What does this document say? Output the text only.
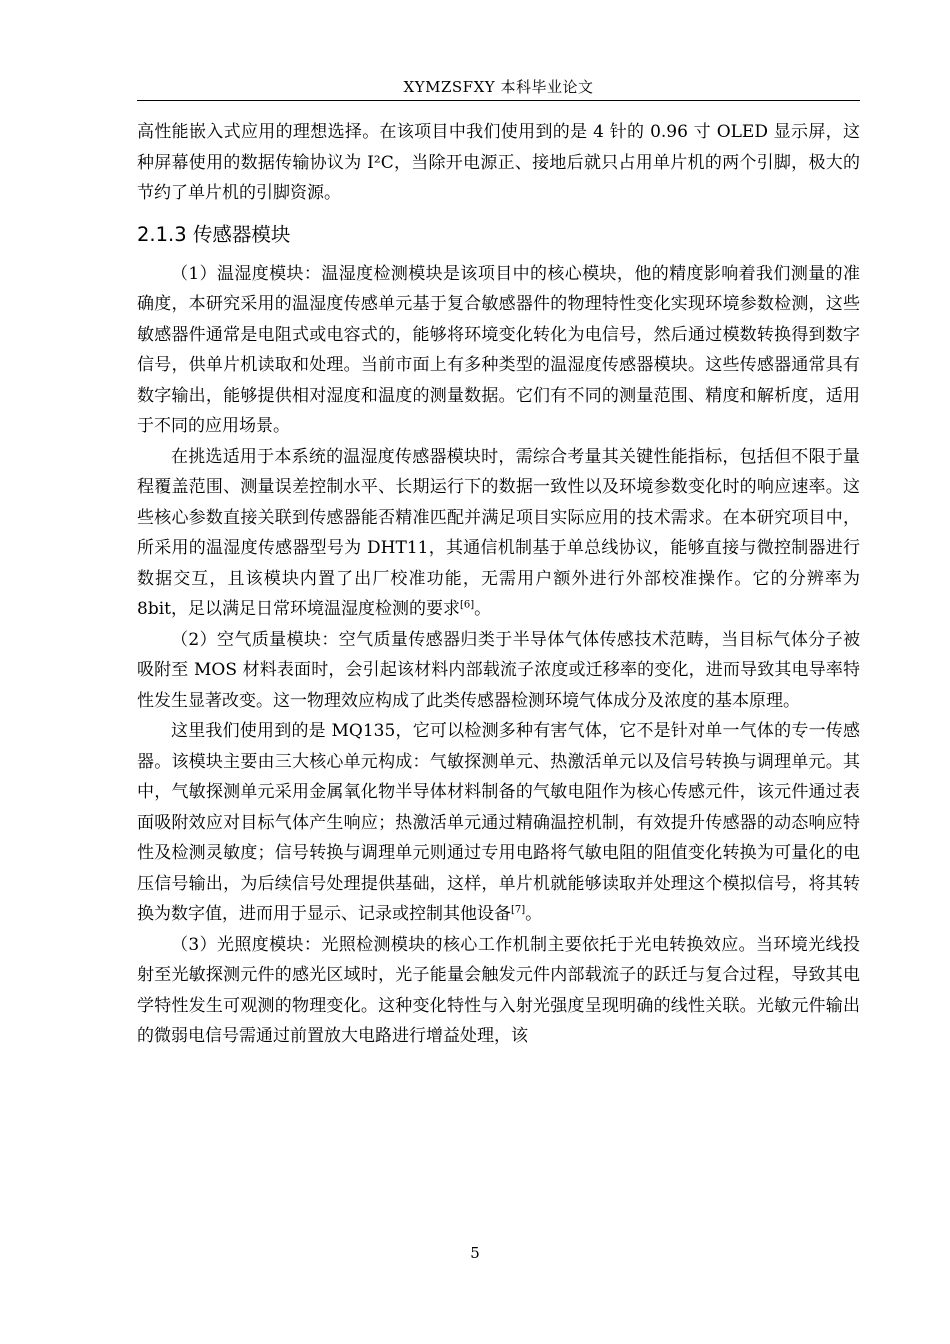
XYMZSFXY 本科毕业论文

高性能嵌入式应用的理想选择。在该项目中我们使用到的是 4 针的 0.96 寸 OLED 显示屏，这种屏幕使用的数据传输协议为 I²C，当除开电源正、接地后就只占用单片机的两个引脚，极大的节约了单片机的引脚资源。

2.1.3 传感器模块

（1）温湿度模块：温湿度检测模块是该项目中的核心模块，他的精度影响着我们测量的准确度，本研究采用的温湿度传感单元基于复合敏感器件的物理特性变化实现环境参数检测，这些敏感器件通常是电阻式或电容式的，能够将环境变化转化为电信号，然后通过模数转换得到数字信号，供单片机读取和处理。当前市面上有多种类型的温湿度传感器模块。这些传感器通常具有数字输出，能够提供相对湿度和温度的测量数据。它们有不同的测量范围、精度和解析度，适用于不同的应用场景。

在挑选适用于本系统的温湿度传感器模块时，需综合考量其关键性能指标，包括但不限于量程覆盖范围、测量误差控制水平、长期运行下的数据一致性以及环境参数变化时的响应速率。这些核心参数直接关联到传感器能否精准匹配并满足项目实际应用的技术需求。在本研究项目中，所采用的温湿度传感器型号为 DHT11，其通信机制基于单总线协议，能够直接与微控制器进行数据交互，且该模块内置了出厂校准功能，无需用户额外进行外部校准操作。它的分辨率为 8bit，足以满足日常环境温湿度检测的要求[6]。

（2）空气质量模块：空气质量传感器归类于半导体气体传感技术范畴，当目标气体分子被吸附至 MOS 材料表面时，会引起该材料内部载流子浓度或迁移率的变化，进而导致其电导率特性发生显著改变。这一物理效应构成了此类传感器检测环境气体成分及浓度的基本原理。

这里我们使用到的是 MQ135，它可以检测多种有害气体，它不是针对单一气体的专一传感器。该模块主要由三大核心单元构成：气敏探测单元、热激活单元以及信号转换与调理单元。其中，气敏探测单元采用金属氧化物半导体材料制备的气敏电阻作为核心传感元件，该元件通过表面吸附效应对目标气体产生响应；热激活单元通过精确温控机制，有效提升传感器的动态响应特性及检测灵敏度；信号转换与调理单元则通过专用电路将气敏电阻的阻值变化转换为可量化的电压信号输出，为后续信号处理提供基础，这样，单片机就能够读取并处理这个模拟信号，将其转换为数字值，进而用于显示、记录或控制其他设备[7]。

（3）光照度模块：光照检测模块的核心工作机制主要依托于光电转换效应。当环境光线投射至光敏探测元件的感光区域时，光子能量会触发元件内部载流子的跃迁与复合过程，导致其电学特性发生可观测的物理变化。这种变化特性与入射光强度呈现明确的线性关联。光敏元件输出的微弱电信号需通过前置放大电路进行增益处理，该

5
